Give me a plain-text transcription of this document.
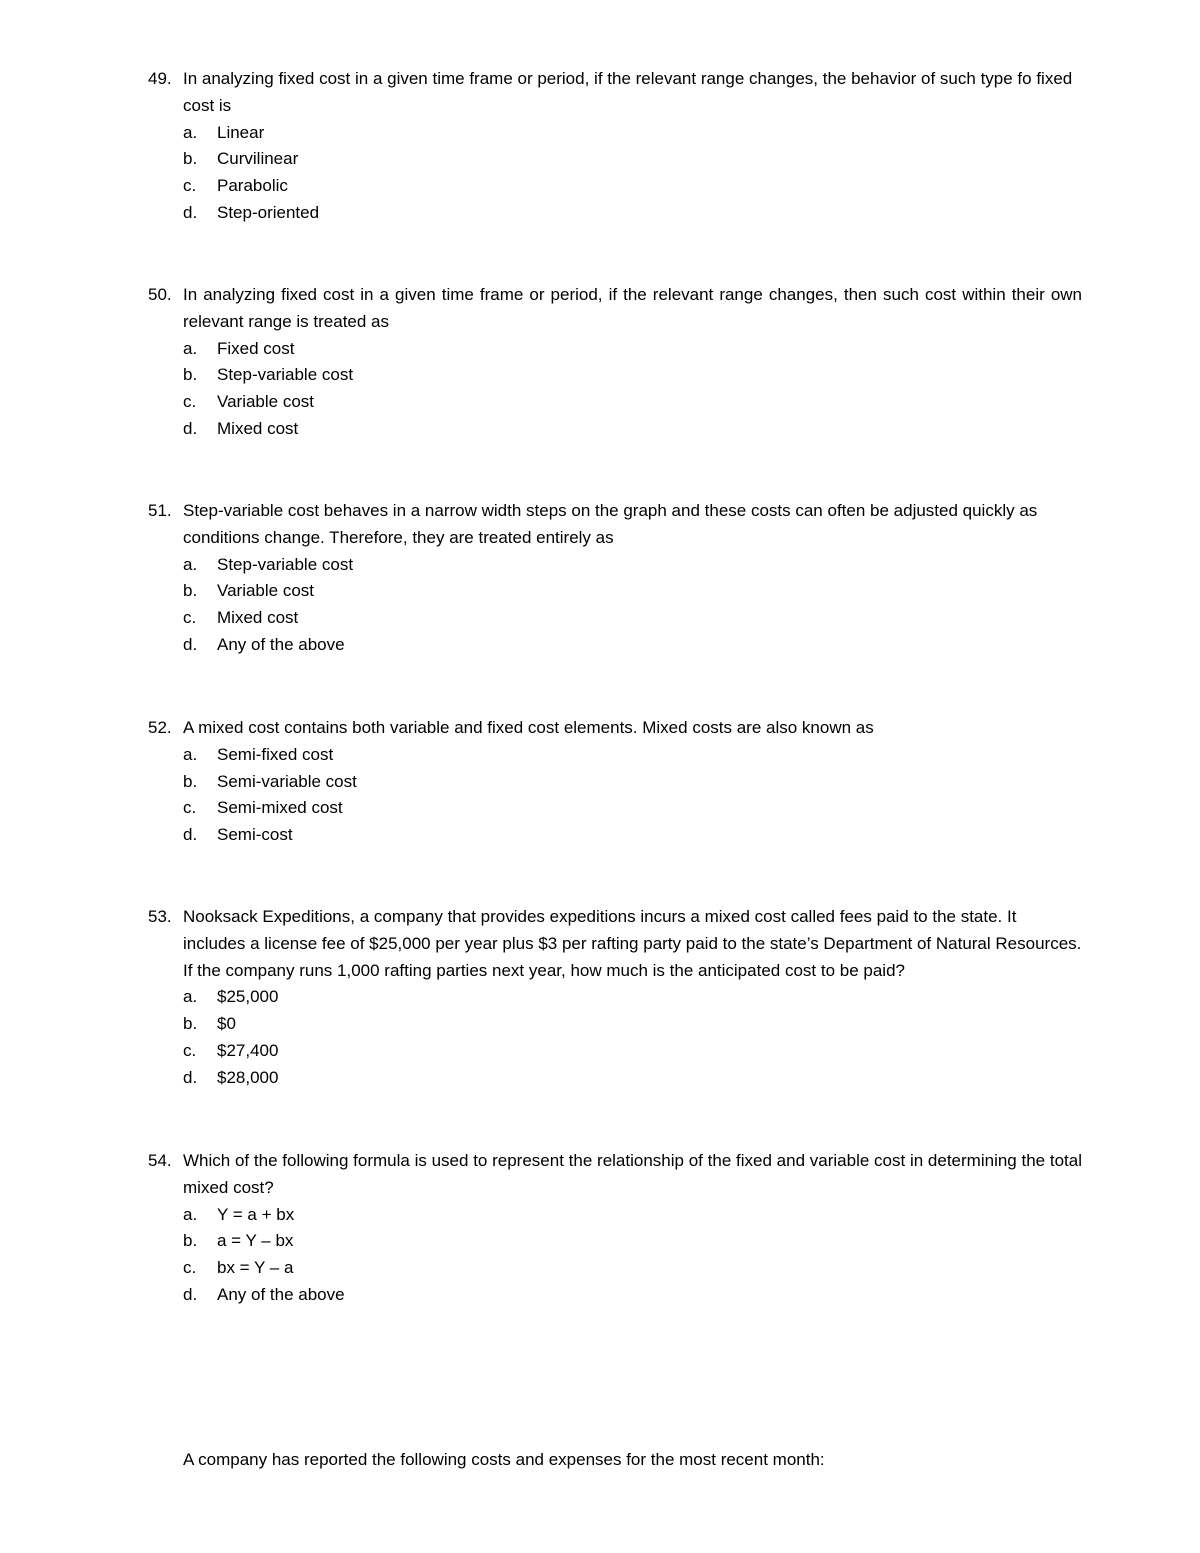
49. In analyzing fixed cost in a given time frame or period, if the relevant range changes, the behavior of such type fo fixed cost is
a.	Linear
b.	Curvilinear
c.	Parabolic
d.	Step-oriented
50. In analyzing fixed cost in a given time frame or period, if the relevant range changes, then such cost within their own relevant range is treated as
a.	Fixed cost
b.	Step-variable cost
c.	Variable cost
d.	Mixed cost
51. Step-variable cost behaves in a narrow width steps on the graph and these costs can often be adjusted quickly as conditions change. Therefore, they are treated entirely as
a.	Step-variable cost
b.	Variable cost
c.	Mixed cost
d.	Any of the above
52. A mixed cost contains both variable and fixed cost elements. Mixed costs are also known as
a.	Semi-fixed cost
b.	Semi-variable cost
c.	Semi-mixed cost
d.	Semi-cost
53. Nooksack Expeditions, a company that provides expeditions incurs a mixed cost called fees paid to the state. It includes a license fee of $25,000 per year plus $3 per rafting party paid to the state’s Department of Natural Resources. If the company runs 1,000 rafting parties next year, how much is the anticipated cost to be paid?
a.	$25,000
b.	$0
c.	$27,400
d.	$28,000
54. Which of the following formula is used to represent the relationship of the fixed and variable cost in determining the total mixed cost?
a.	Y = a + bx
b.	a = Y – bx
c.	bx = Y – a
d.	Any of the above
A company has reported the following costs and expenses for the most recent month:
